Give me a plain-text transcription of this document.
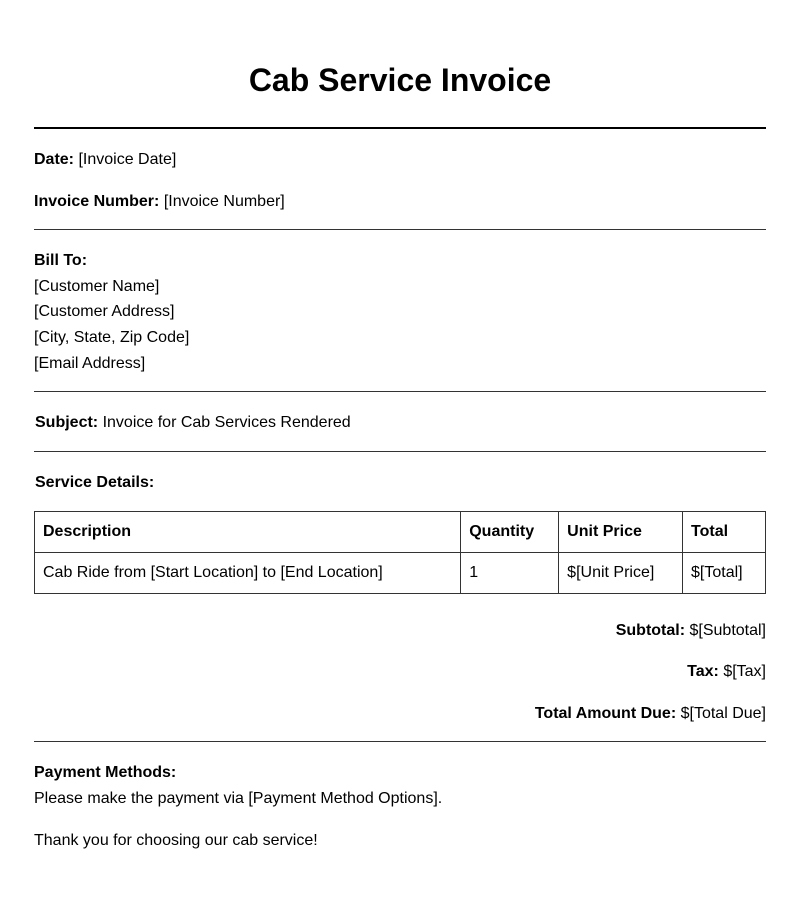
Cab Service Invoice
Date: [Invoice Date]
Invoice Number: [Invoice Number]
Bill To:
[Customer Name]
[Customer Address]
[City, State, Zip Code]
[Email Address]
Subject: Invoice for Cab Services Rendered
Service Details:
Description	Quantity	Unit Price	Total
Cab Ride from [Start Location] to [End Location]	1	$[Unit Price]	$[Total]
Subtotal: $[Subtotal]
Tax: $[Tax]
Total Amount Due: $[Total Due]
Payment Methods:
Please make the payment via [Payment Method Options].
Thank you for choosing our cab service!
